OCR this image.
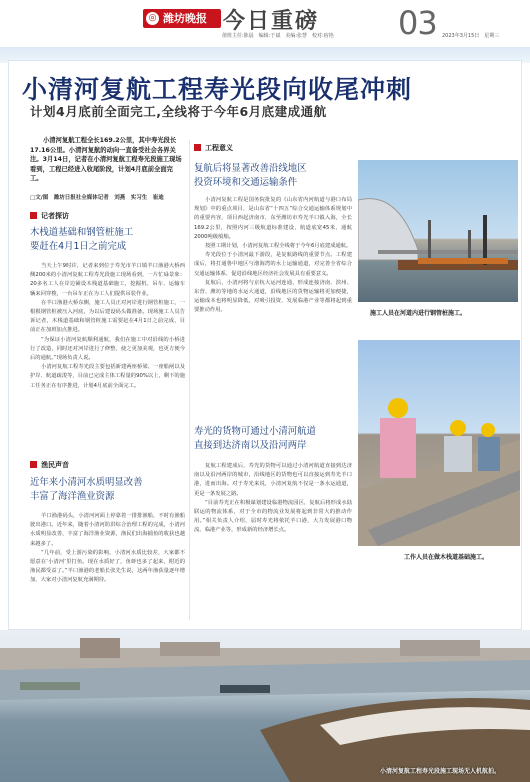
◎ 潍坊晚报 今日重磅
值班主任:陈晨　编辑:于斌　美编:张慧　校对:宿艳 03 2023年3月15日　星期三
小清河复航工程寿光段向收尾冲刺
计划4月底前全面完工,全线将于今年6月底建成通航
小清河复航工程全长169.2公里，其中寿光段长17.16公里。小清河复航的动向一直备受社会各界关注。3月14日，记者在小清河复航工程寿光段施工现场看到，工程已经进入收尾阶段，计划4月底前全面完工。
□文/图　潍坊日报社全媒体记者　刘燕　实习生　崔迪
记者探访
木栈道基础和钢管桩施工
要赶在4月1日之前完成

当天上午9时许，记者来到位于寿光市羊口镇羊口渔港大桥西侧200米的小清河复航工程寿光段施工现场看到，一片忙碌景象：20多名工人在岸边铺设木栈道基础施工，挖掘机、吊车、运输车辆来回穿梭，一台吊车正在为工人们提供吊装作业。

在羊口渔港大桥东侧，施工人员正对河岸进行钢管桩施工，一根根钢管桩被压入河底，为以后建设码头做准备。现场施工人员告诉记者，木栈道基础和钢管桩施工需要赶在4月1日之前完成，目前正在加班加点推进。

“为保证小清河复航顺利通航，我们在施工中对沿线的小桥进行了改造，同时还对河岸进行了修整，使之更加美观，也更方便今后的通航。”现场负责人说。

小清河复航工程寿光段主要包括新建两座桥梁、一座船闸以及护岸、航道疏浚等，目前已完成主体工程量的90%以上，剩下的施工任务正在有序推进，计划4月底前全面完工。

渔民声音
近年来小清河水质明显改善
丰富了海洋渔业资源

羊口渔港码头，小清河河面上停靠着一排排渔船，不时有渔船驶出港口。近年来，随着小清河防洪综合治理工程的完成，小清河水质明显改善，丰富了海洋渔业资源，渔民们出海捕鱼的收获也越来越多了。

“几年前，受上游污染的影响，小清河水质比较差，大家都不愿意在‘小清河’里打鱼。现在水质好了，鱼虾也多了起来，附近的渔民都受益了。”羊口渔港的老船长张先生说，这两年渔获量逐年增加，大家对小清河复航充满期待。

工程意义
复航后将显著改善沿线地区
投资环境和交通运输条件

小清河复航工程是国务院批复的《山东省内河航道与港口布局规划》中的重点项目，是山东省“十四五”综合交通运输体系规划中的重要内容，项目西起济南市，东至潍坊市寿光羊口镇入海，全长169.2公里，按照内河三级航道标准建设，航道底宽45米，通航2000吨级船舶。

按照工期计划，小清河复航工程全线将于今年6月底建成通航。

寿光段位于小清河最下游段，是复航路线的重要节点。工程建成后，将打通鲁中地区与渤海湾的水上运输通道，对完善全省综合交通运输体系、促进沿线地区经济社会发展具有重要意义。

复航后，小清河将与京杭大运河连通，形成连接济南、滨州、东营、潍坊等地的水运大通道，沿线地区的货物运输将更加便捷，运输成本也将明显降低，对吸引投资、发展临港产业等都将起到重要推动作用。

寿光的货物可通过小清河航道
直接到达济南以及沿河两岸

复航工程建成后，寿光的货物可以通过小清河航道直接到达济南以及沿河两岸的城市，沿线地区的货物也可以直接运到寿光羊口港，进而出海。对于寿光来说，小清河复航不仅是一条水运通道，更是一条发展之路。

“目前寿光正在积极谋划建设临港物流园区，复航后将形成水陆联运的物流体系，对于全市的物流业发展将起到非常大的推动作用。”相关负责人介绍，届时寿光将依托羊口港，大力发展港口物流、临港产业等，形成新的经济增长点。

施工人员在河道内进行钢管桩施工。
工作人员在做木栈道基础施工。
小清河复航工程寿光段施工现场无人机航拍。
